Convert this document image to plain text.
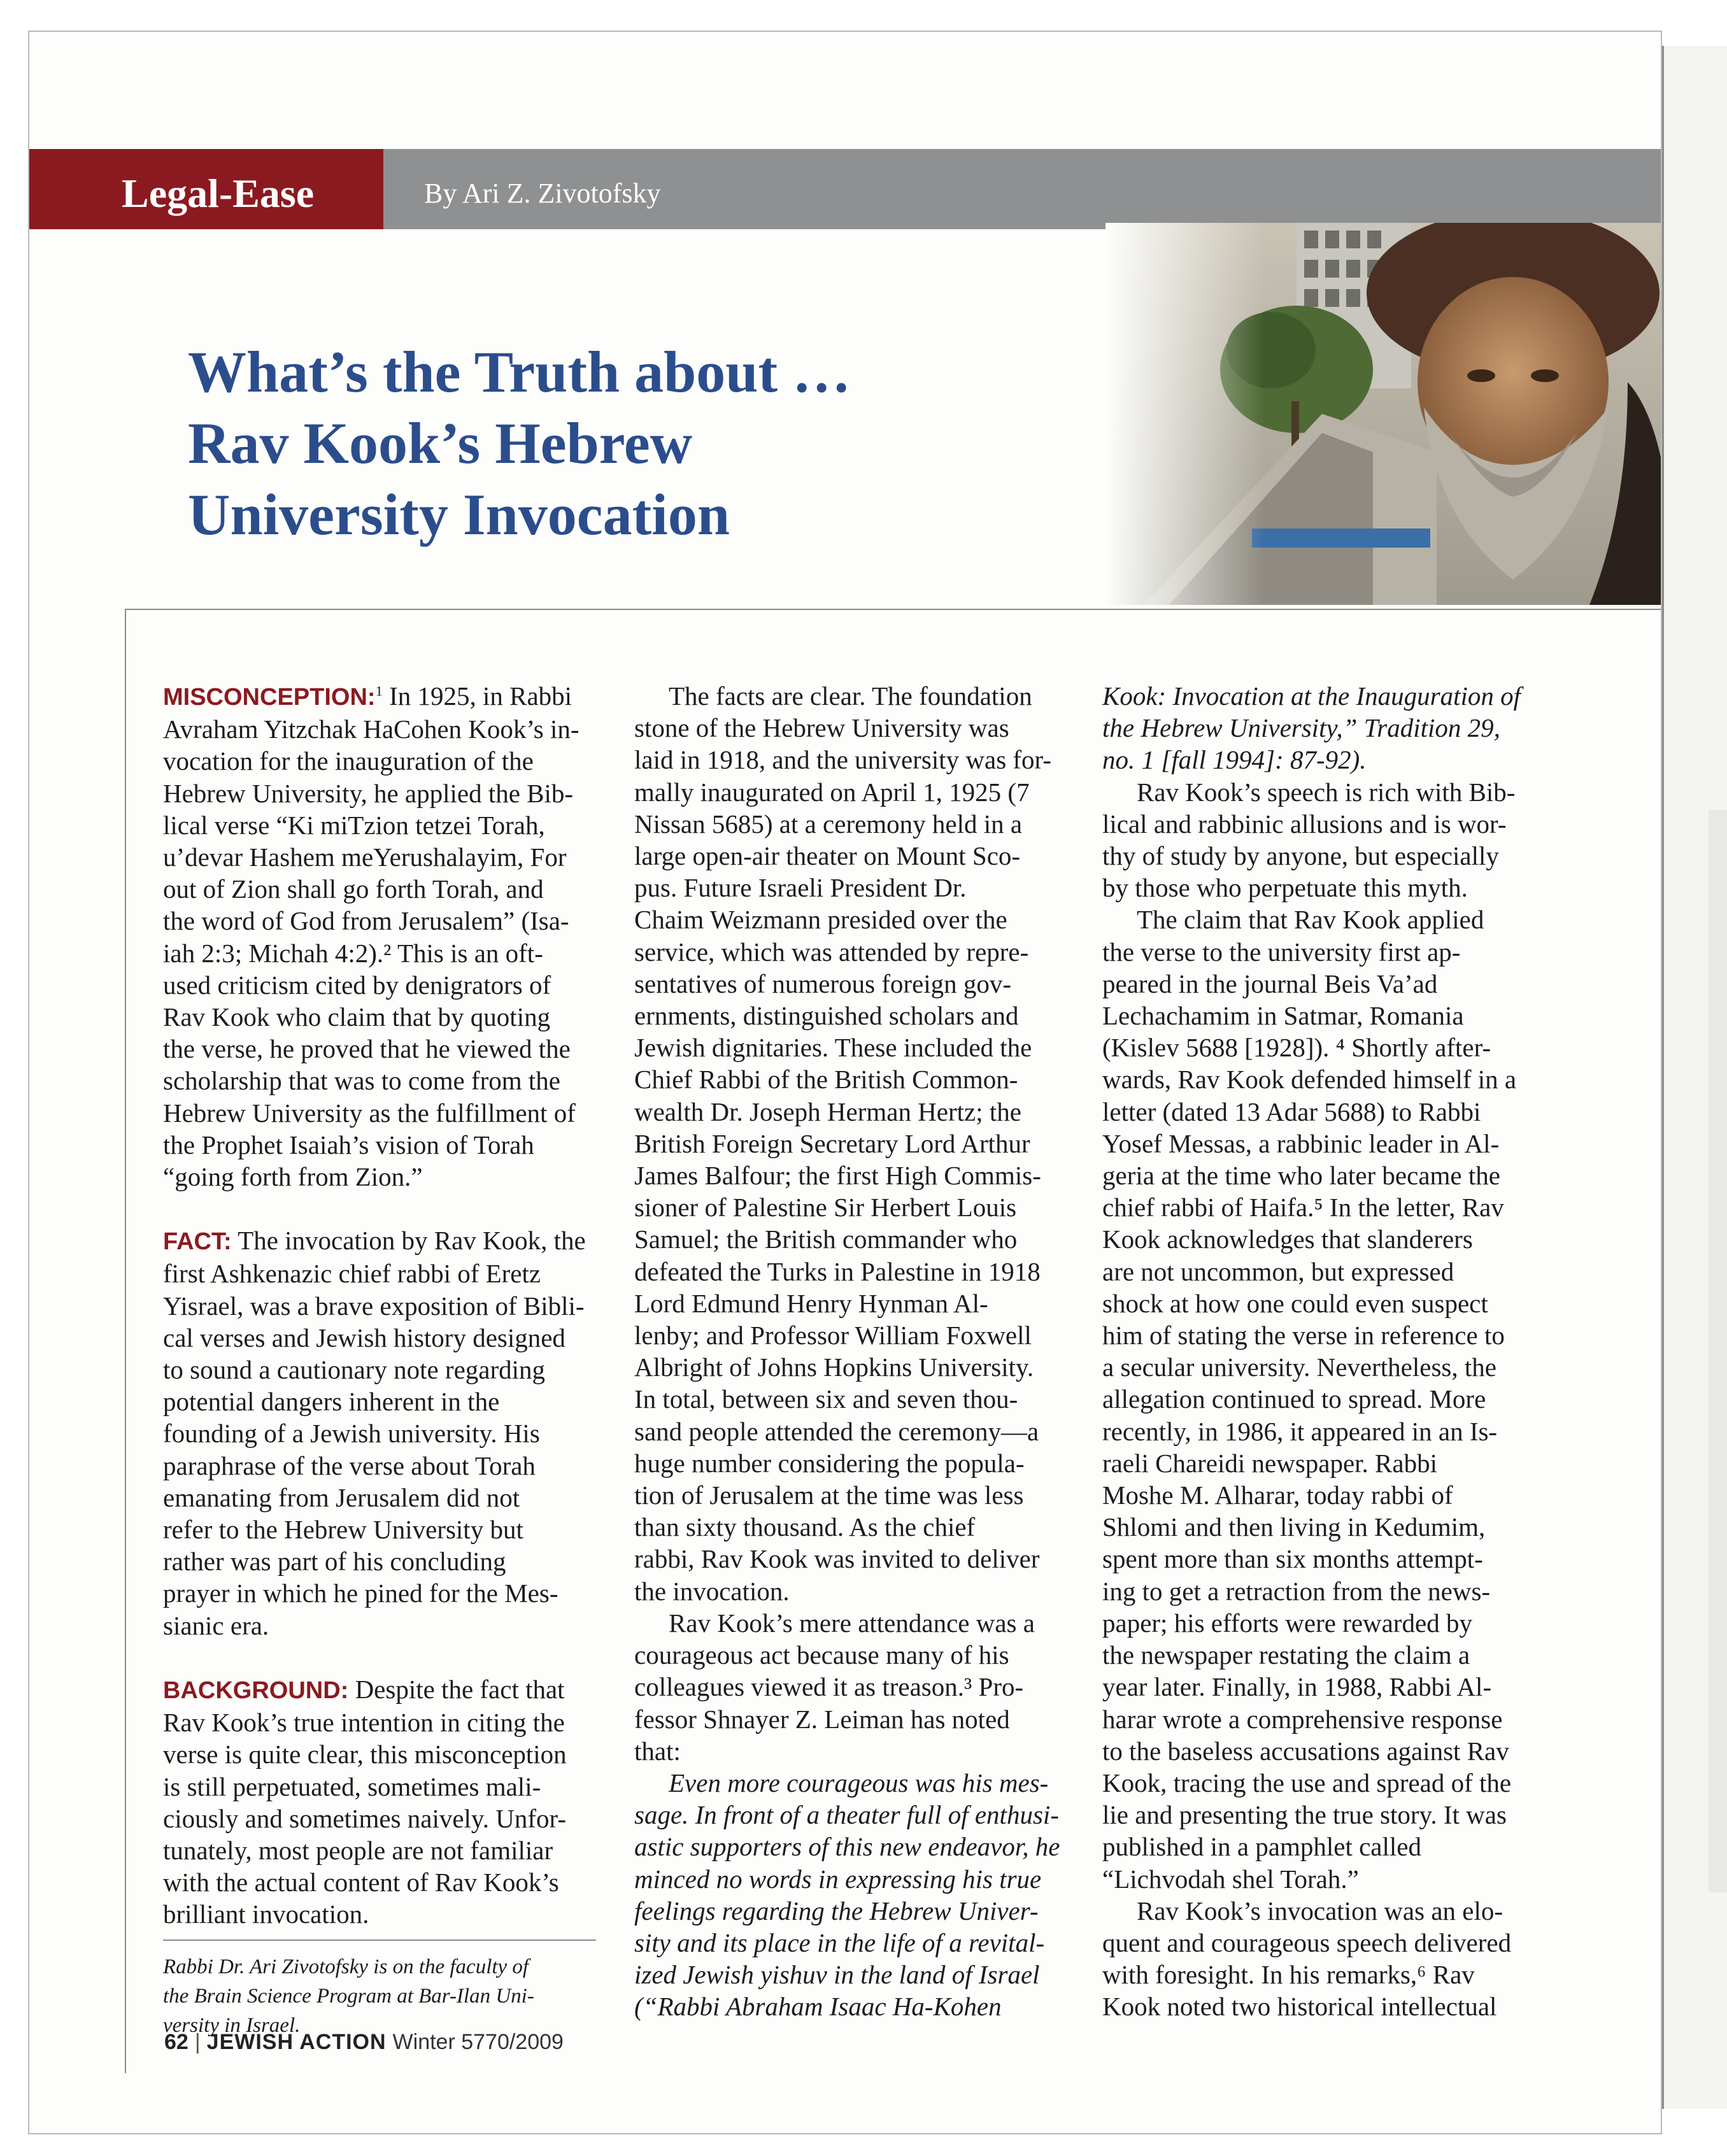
Legal-Ease	By Ari Z. Zivotofsky
What’s the Truth about …
Rav Kook’s Hebrew
University Invocation

MISCONCEPTION:$^1$ In 1925, in Rabbi
Avraham Yitzchak HaCohen Kook’s in-
vocation for the inauguration of the
Hebrew University, he applied the Bib-
lical verse “Ki miTzion tetzei Torah,
u’devar Hashem meYerushalayim, For
out of Zion shall go forth Torah, and
the word of God from Jerusalem” (Isa-
iah 2:3; Michah 4:2).² This is an oft-
used criticism cited by denigrators of
Rav Kook who claim that by quoting
the verse, he proved that he viewed the
scholarship that was to come from the
Hebrew University as the fulfillment of
the Prophet Isaiah’s vision of Torah
“going forth from Zion.”

FACT: The invocation by Rav Kook, the
first Ashkenazic chief rabbi of Eretz
Yisrael, was a brave exposition of Bibli-
cal verses and Jewish history designed
to sound a cautionary note regarding
potential dangers inherent in the
founding of a Jewish university. His
paraphrase of the verse about Torah
emanating from Jerusalem did not
refer to the Hebrew University but
rather was part of his concluding
prayer in which he pined for the Mes-
sianic era.

BACKGROUND: Despite the fact that
Rav Kook’s true intention in citing the
verse is quite clear, this misconception
is still perpetuated, sometimes mali-
ciously and sometimes naively. Unfor-
tunately, most people are not familiar
with the actual content of Rav Kook’s
brilliant invocation.

Rabbi Dr. Ari Zivotofsky is on the faculty of
the Brain Science Program at Bar-Ilan Uni-
versity in Israel.

The facts are clear. The foundation
stone of the Hebrew University was
laid in 1918, and the university was for-
mally inaugurated on April 1, 1925 (7
Nissan 5685) at a ceremony held in a
large open-air theater on Mount Sco-
pus. Future Israeli President Dr.
Chaim Weizmann presided over the
service, which was attended by repre-
sentatives of numerous foreign gov-
ernments, distinguished scholars and
Jewish dignitaries. These included the
Chief Rabbi of the British Common-
wealth Dr. Joseph Herman Hertz; the
British Foreign Secretary Lord Arthur
James Balfour; the first High Commis-
sioner of Palestine Sir Herbert Louis
Samuel; the British commander who
defeated the Turks in Palestine in 1918
Lord Edmund Henry Hynman Al-
lenby; and Professor William Foxwell
Albright of Johns Hopkins University.
In total, between six and seven thou-
sand people attended the ceremony—a
huge number considering the popula-
tion of Jerusalem at the time was less
than sixty thousand. As the chief
rabbi, Rav Kook was invited to deliver
the invocation.

Rav Kook’s mere attendance was a
courageous act because many of his
colleagues viewed it as treason.³ Pro-
fessor Shnayer Z. Leiman has noted
that:

Even more courageous was his mes-
sage. In front of a theater full of enthusi-
astic supporters of this new endeavor, he
minced no words in expressing his true
feelings regarding the Hebrew Univer-
sity and its place in the life of a revital-
ized Jewish yishuv in the land of Israel
(“Rabbi Abraham Isaac Ha-Kohen

Kook: Invocation at the Inauguration of
the Hebrew University,” Tradition 29,
no. 1 [fall 1994]: 87-92).

Rav Kook’s speech is rich with Bib-
lical and rabbinic allusions and is wor-
thy of study by anyone, but especially
by those who perpetuate this myth.

The claim that Rav Kook applied
the verse to the university first ap-
peared in the journal Beis Va’ad
Lechachamim in Satmar, Romania
(Kislev 5688 [1928]). ⁴ Shortly after-
wards, Rav Kook defended himself in a
letter (dated 13 Adar 5688) to Rabbi
Yosef Messas, a rabbinic leader in Al-
geria at the time who later became the
chief rabbi of Haifa.⁵ In the letter, Rav
Kook acknowledges that slanderers
are not uncommon, but expressed
shock at how one could even suspect
him of stating the verse in reference to
a secular university. Nevertheless, the
allegation continued to spread. More
recently, in 1986, it appeared in an Is-
raeli Chareidi newspaper. Rabbi
Moshe M. Alharar, today rabbi of
Shlomi and then living in Kedumim,
spent more than six months attempt-
ing to get a retraction from the news-
paper; his efforts were rewarded by
the newspaper restating the claim a
year later. Finally, in 1988, Rabbi Al-
harar wrote a comprehensive response
to the baseless accusations against Rav
Kook, tracing the use and spread of the
lie and presenting the true story. It was
published in a pamphlet called
“Lichvodah shel Torah.”

Rav Kook’s invocation was an elo-
quent and courageous speech delivered
with foresight. In his remarks,⁶ Rav
Kook noted two historical intellectual

62 | JEWISH ACTION Winter 5770/2009
